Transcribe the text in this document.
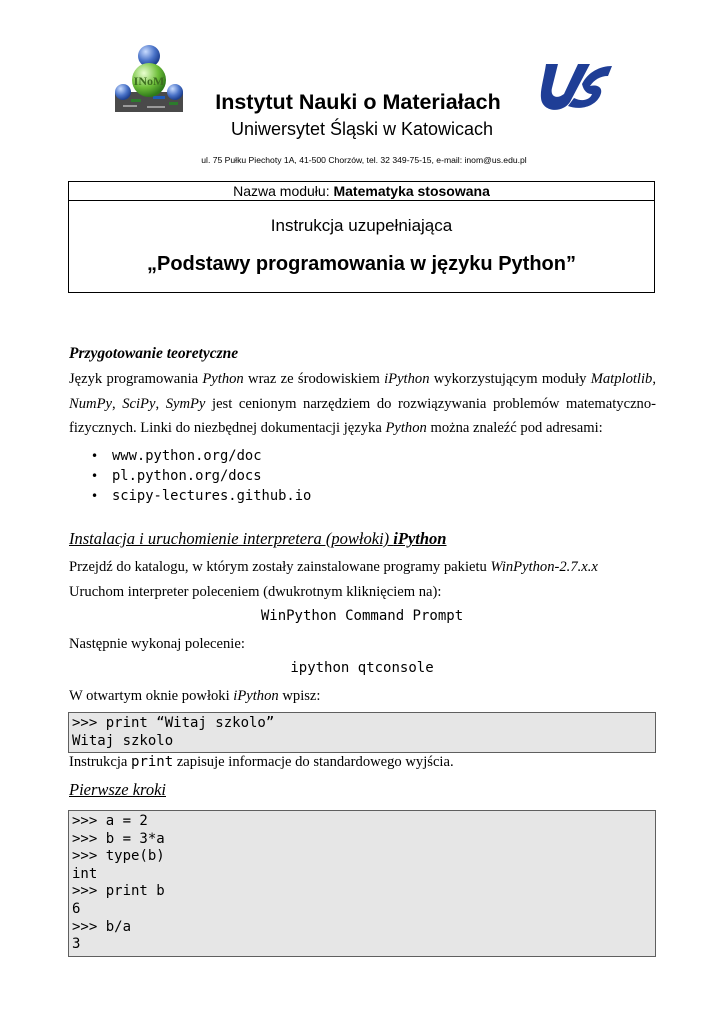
INoM
Instytut Nauki o Materiałach
Uniwersytet Śląski w Katowicach
ul. 75 Pułku Piechoty 1A, 41-500 Chorzów, tel. 32 349-75-15, e-mail: inom@us.edu.pl
Nazwa modułu: Matematyka stosowana
Instrukcja uzupełniająca
„Podstawy programowania w języku Python”
Przygotowanie teoretyczne
Język programowania Python wraz ze środowiskiem iPython wykorzystującym moduły Matplotlib, NumPy, SciPy, SymPy jest cenionym narzędziem do rozwiązywania problemów matematyczno-fizycznych. Linki do niezbędnej dokumentacji języka Python można znaleźć pod adresami:
• www.python.org/doc
• pl.python.org/docs
• scipy-lectures.github.io
Instalacja i uruchomienie interpretera (powłoki) iPython
Przejdź do katalogu, w którym zostały zainstalowane programy pakietu WinPython-2.7.x.x
Uruchom interpreter poleceniem (dwukrotnym kliknięciem na):
WinPython Command Prompt
Następnie wykonaj polecenie:
ipython qtconsole
W otwartym oknie powłoki iPython wpisz:
>>> print “Witaj szkolo”
Witaj szkolo
Instrukcja print zapisuje informacje do standardowego wyjścia.
Pierwsze kroki
>>> a = 2
>>> b = 3*a
>>> type(b)
int
>>> print b
6
>>> b/a
3
